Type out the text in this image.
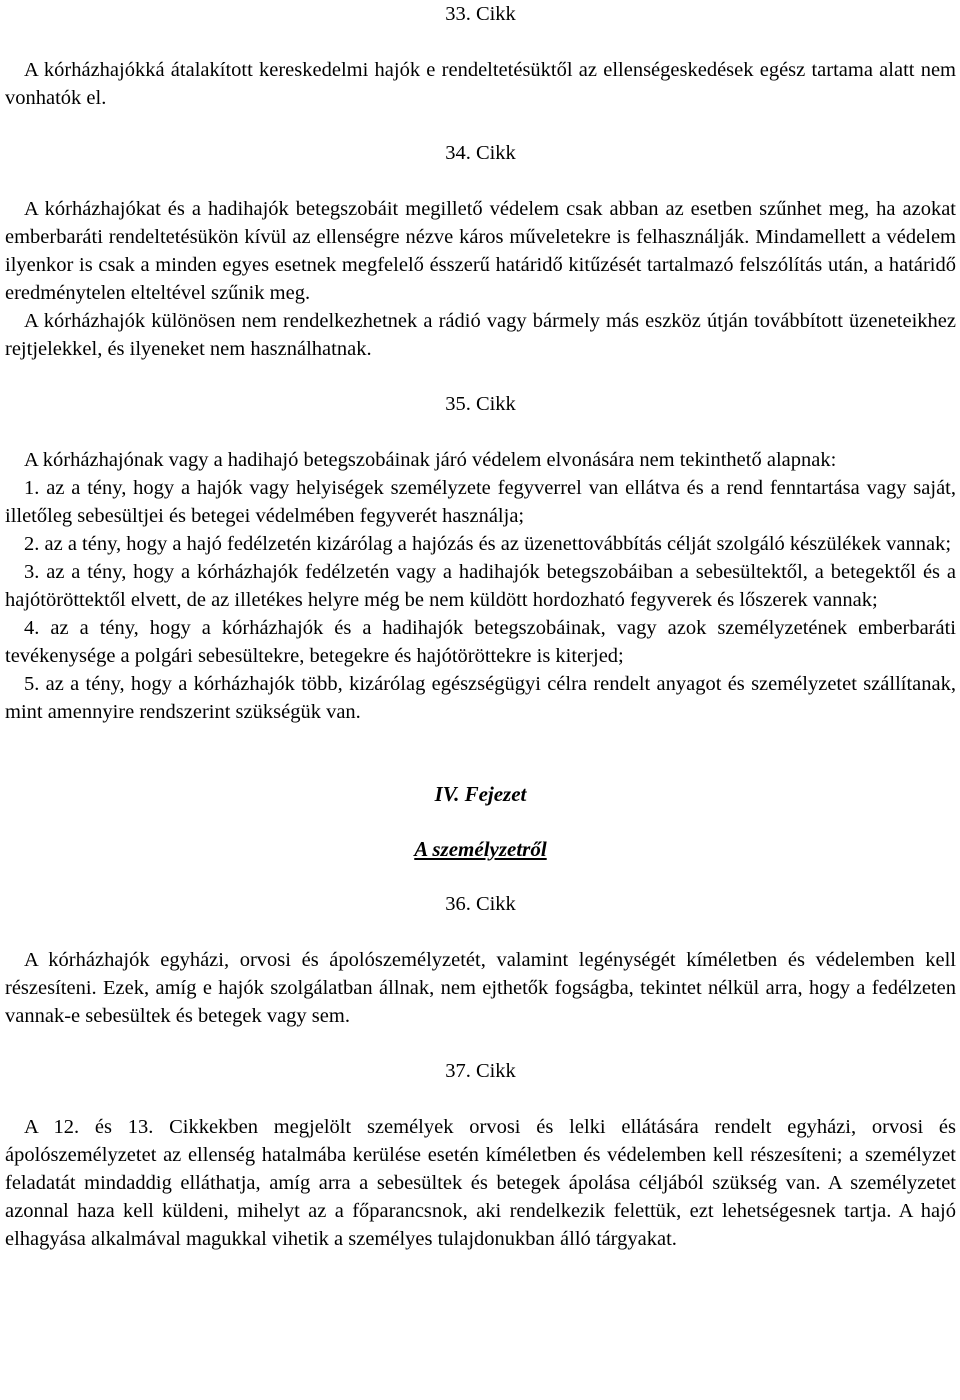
33. Cikk

A kórházhajókká átalakított kereskedelmi hajók e rendeltetésüktől az ellenségeskedések egész tartama alatt nem vonhatók el.

34. Cikk

A kórházhajókat és a hadihajók betegszobáit megillető védelem csak abban az esetben szűnhet meg, ha azokat emberbaráti rendeltetésükön kívül az ellenségre nézve káros műveletekre is felhasználják. Mindamellett a védelem ilyenkor is csak a minden egyes esetnek megfelelő ésszerű határidő kitűzését tartalmazó felszólítás után, a határidő eredménytelen elteltével szűnik meg.

A kórházhajók különösen nem rendelkezhetnek a rádió vagy bármely más eszköz útján továbbított üzeneteikhez rejtjelekkel, és ilyeneket nem használhatnak.

35. Cikk

A kórházhajónak vagy a hadihajó betegszobáinak járó védelem elvonására nem tekinthető alapnak:

1. az a tény, hogy a hajók vagy helyiségek személyzete fegyverrel van ellátva és a rend fenntartása vagy saját, illetőleg sebesültjei és betegei védelmében fegyverét használja;

2. az a tény, hogy a hajó fedélzetén kizárólag a hajózás és az üzenettovábbítás célját szolgáló készülékek vannak;

3. az a tény, hogy a kórházhajók fedélzetén vagy a hadihajók betegszobáiban a sebesültektől, a betegektől és a hajótöröttektől elvett, de az illetékes helyre még be nem küldött hordozható fegyverek és lőszerek vannak;

4. az a tény, hogy a kórházhajók és a hadihajók betegszobáinak, vagy azok személyzetének emberbaráti tevékenysége a polgári sebesültekre, betegekre és hajótöröttekre is kiterjed;

5. az a tény, hogy a kórházhajók több, kizárólag egészségügyi célra rendelt anyagot és személyzetet szállítanak, mint amennyire rendszerint szükségük van.

IV. Fejezet

A személyzetről

36. Cikk

A kórházhajók egyházi, orvosi és ápolószemélyzetét, valamint legénységét kíméletben és védelemben kell részesíteni. Ezek, amíg e hajók szolgálatban állnak, nem ejthetők fogságba, tekintet nélkül arra, hogy a fedélzeten vannak-e sebesültek és betegek vagy sem.

37. Cikk

A 12. és 13. Cikkekben megjelölt személyek orvosi és lelki ellátására rendelt egyházi, orvosi és ápolószemélyzetet az ellenség hatalmába kerülése esetén kíméletben és védelemben kell részesíteni; a személyzet feladatát mindaddig elláthatja, amíg arra a sebesültek és betegek ápolása céljából szükség van. A személyzetet azonnal haza kell küldeni, mihelyt az a főparancsnok, aki rendelkezik felettük, ezt lehetségesnek tartja. A hajó elhagyása alkalmával magukkal vihetik a személyes tulajdonukban álló tárgyakat.
